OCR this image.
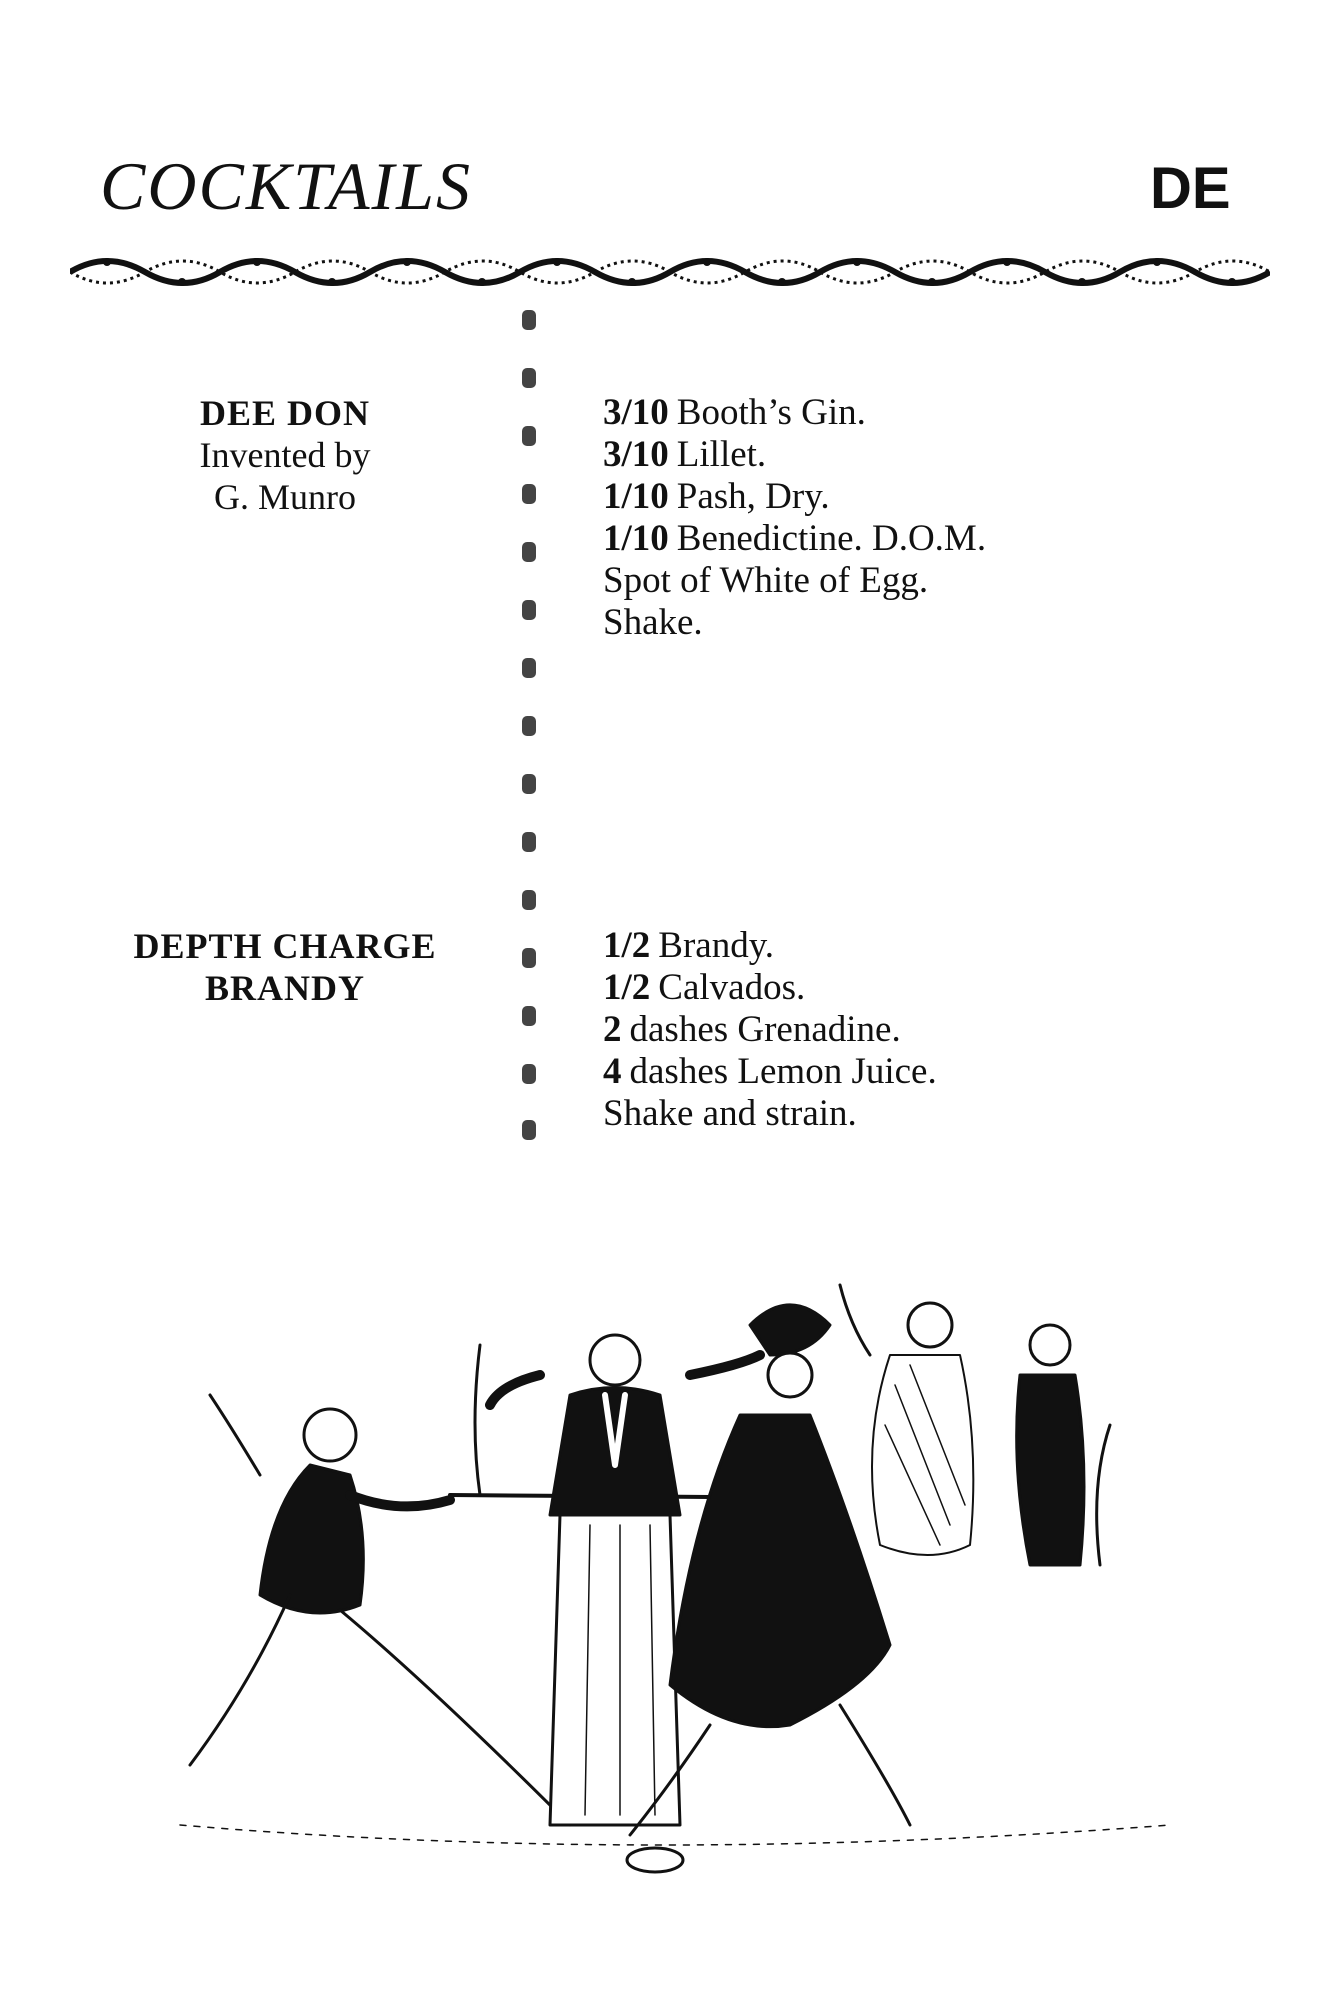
COCKTAILS	DE
DEE DON
Invented by
G. Munro
3/10 Booth’s Gin.
3/10 Lillet.
1/10 Pash, Dry.
1/10 Benedictine. D.O.M.
Spot of White of Egg.
Shake.
DEPTH CHARGE
BRANDY
1/2 Brandy.
1/2 Calvados.
2 dashes Grenadine.
4 dashes Lemon Juice.
Shake and strain.
